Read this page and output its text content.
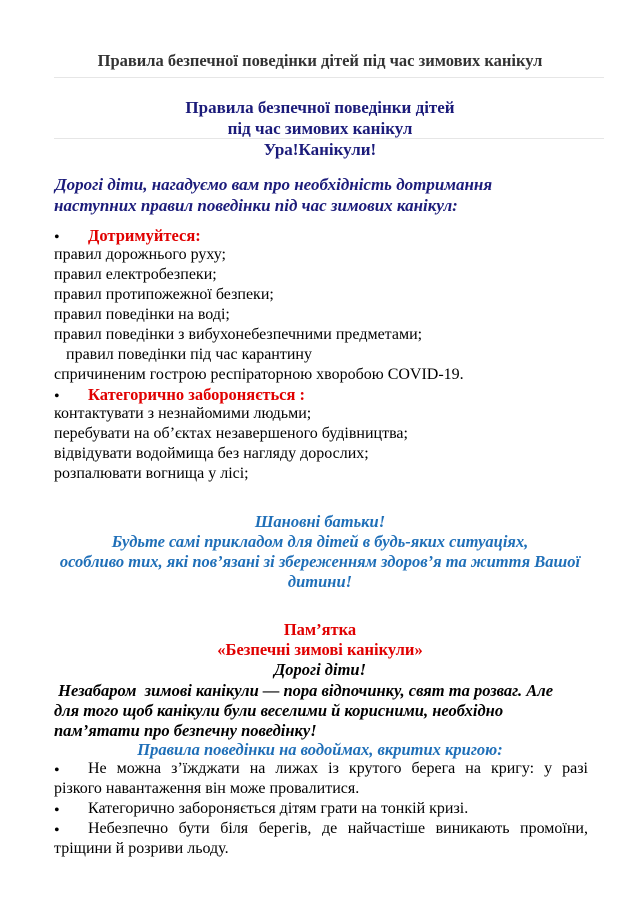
Правила безпечної поведінки дітей під час зимових канікул
Правила безпечної поведінки дітей
під час зимових канікул
Ура!Канікули!
Дорогі діти, нагадуємо вам про необхідність дотримання
наступних правил поведінки під час зимових канікул:
• Дотримуйтеся:
правил дорожнього руху;
правил електробезпеки;
правил протипожежної безпеки;
правил поведінки на воді;
правил поведінки з вибухонебезпечними предметами;
правил поведінки під час карантину
спричиненим гострою респіраторною хворобою COVID-19.
• Категорично забороняється :
контактувати з незнайомими людьми;
перебувати на об’єктах незавершеного будівництва;
відвідувати водоймища без нагляду дорослих;
розпалювати вогнища у лісі;
Шановні батьки!
Будьте самі прикладом для дітей в будь-яких ситуаціях,
особливо тих, які пов’язані зі збереженням здоров’я та життя Вашої
дитини!
Пам’ятка
«Безпечні зимові канікули»
Дорогі діти!
Незабаром  зимові канікули — пора відпочинку, свят та розваг. Але
для того щоб канікули були веселими й корисними, необхідно
пам’ятати про безпечну поведінку!
Правила поведінки на водоймах, вкритих кригою:
• Не можна з’їжджати на лижах із крутого берега на кригу: у разі
різкого навантаження він може провалитися.
• Категорично забороняється дітям грати на тонкій кризі.
• Небезпечно бути біля берегів, де найчастіше виникають промоїни,
тріщини й розриви льоду.
